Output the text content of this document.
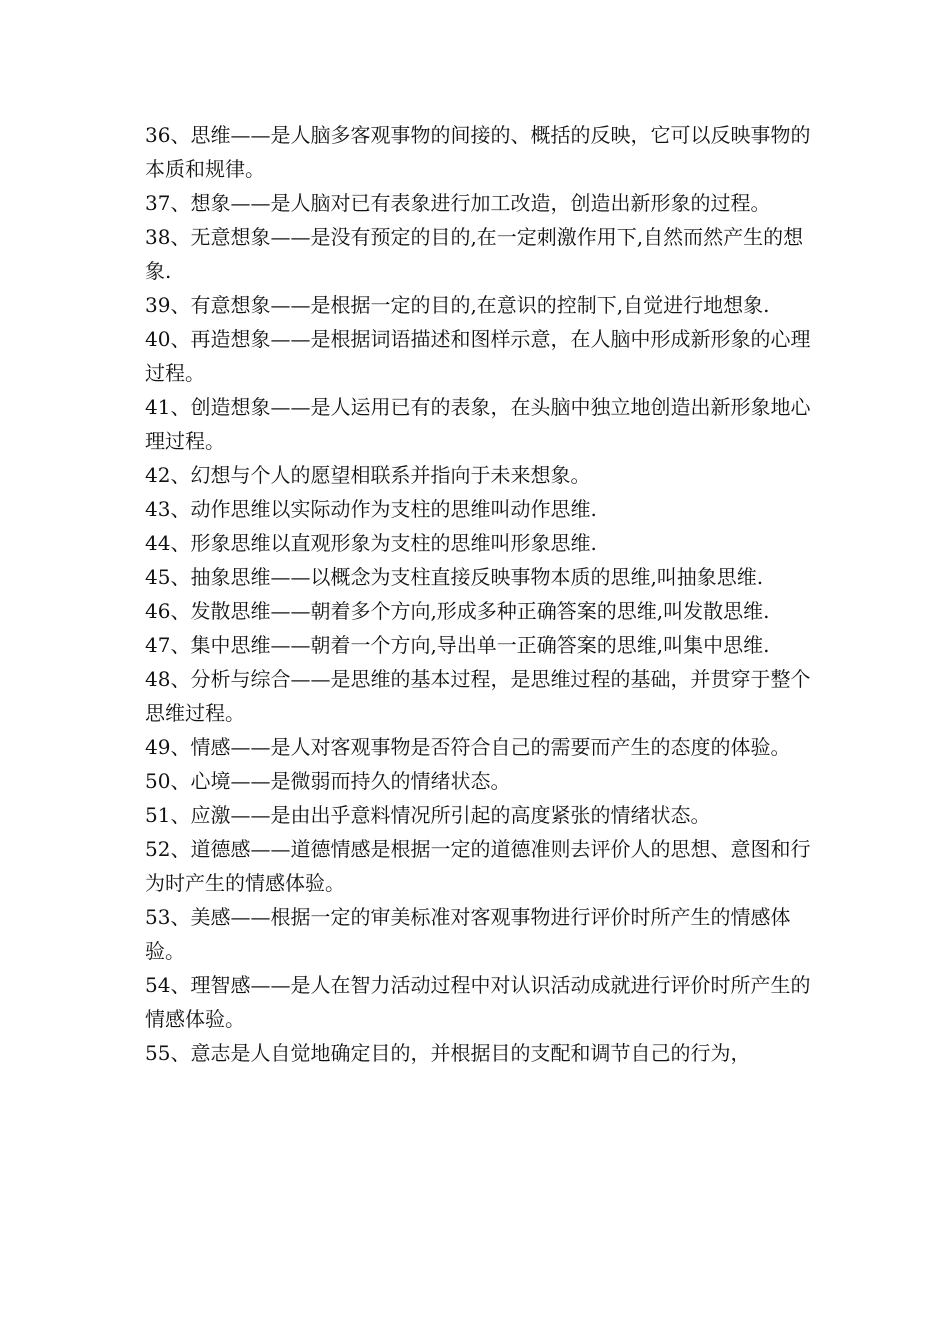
36、思维——是人脑多客观事物的间接的、概括的反映，它可以反映事物的本质和规律。

37、想象——是人脑对已有表象进行加工改造，创造出新形象的过程。

38、无意想象——是没有预定的目的,在一定刺激作用下,自然而然产生的想象.

39、有意想象——是根据一定的目的,在意识的控制下,自觉进行地想象.

40、再造想象——是根据词语描述和图样示意，在人脑中形成新形象的心理过程。

41、创造想象——是人运用已有的表象，在头脑中独立地创造出新形象地心理过程。

42、幻想与个人的愿望相联系并指向于未来想象。

43、动作思维以实际动作为支柱的思维叫动作思维.

44、形象思维以直观形象为支柱的思维叫形象思维.

45、抽象思维——以概念为支柱直接反映事物本质的思维,叫抽象思维.

46、发散思维——朝着多个方向,形成多种正确答案的思维,叫发散思维.

47、集中思维——朝着一个方向,导出单一正确答案的思维,叫集中思维.

48、分析与综合——是思维的基本过程，是思维过程的基础，并贯穿于整个思维过程。

49、情感——是人对客观事物是否符合自己的需要而产生的态度的体验。

50、心境——是微弱而持久的情绪状态。

51、应激——是由出乎意料情况所引起的高度紧张的情绪状态。

52、道德感——道德情感是根据一定的道德准则去评价人的思想、意图和行为时产生的情感体验。

53、美感——根据一定的审美标准对客观事物进行评价时所产生的情感体验。

54、理智感——是人在智力活动过程中对认识活动成就进行评价时所产生的情感体验。

55、意志是人自觉地确定目的，并根据目的支配和调节自己的行为，
